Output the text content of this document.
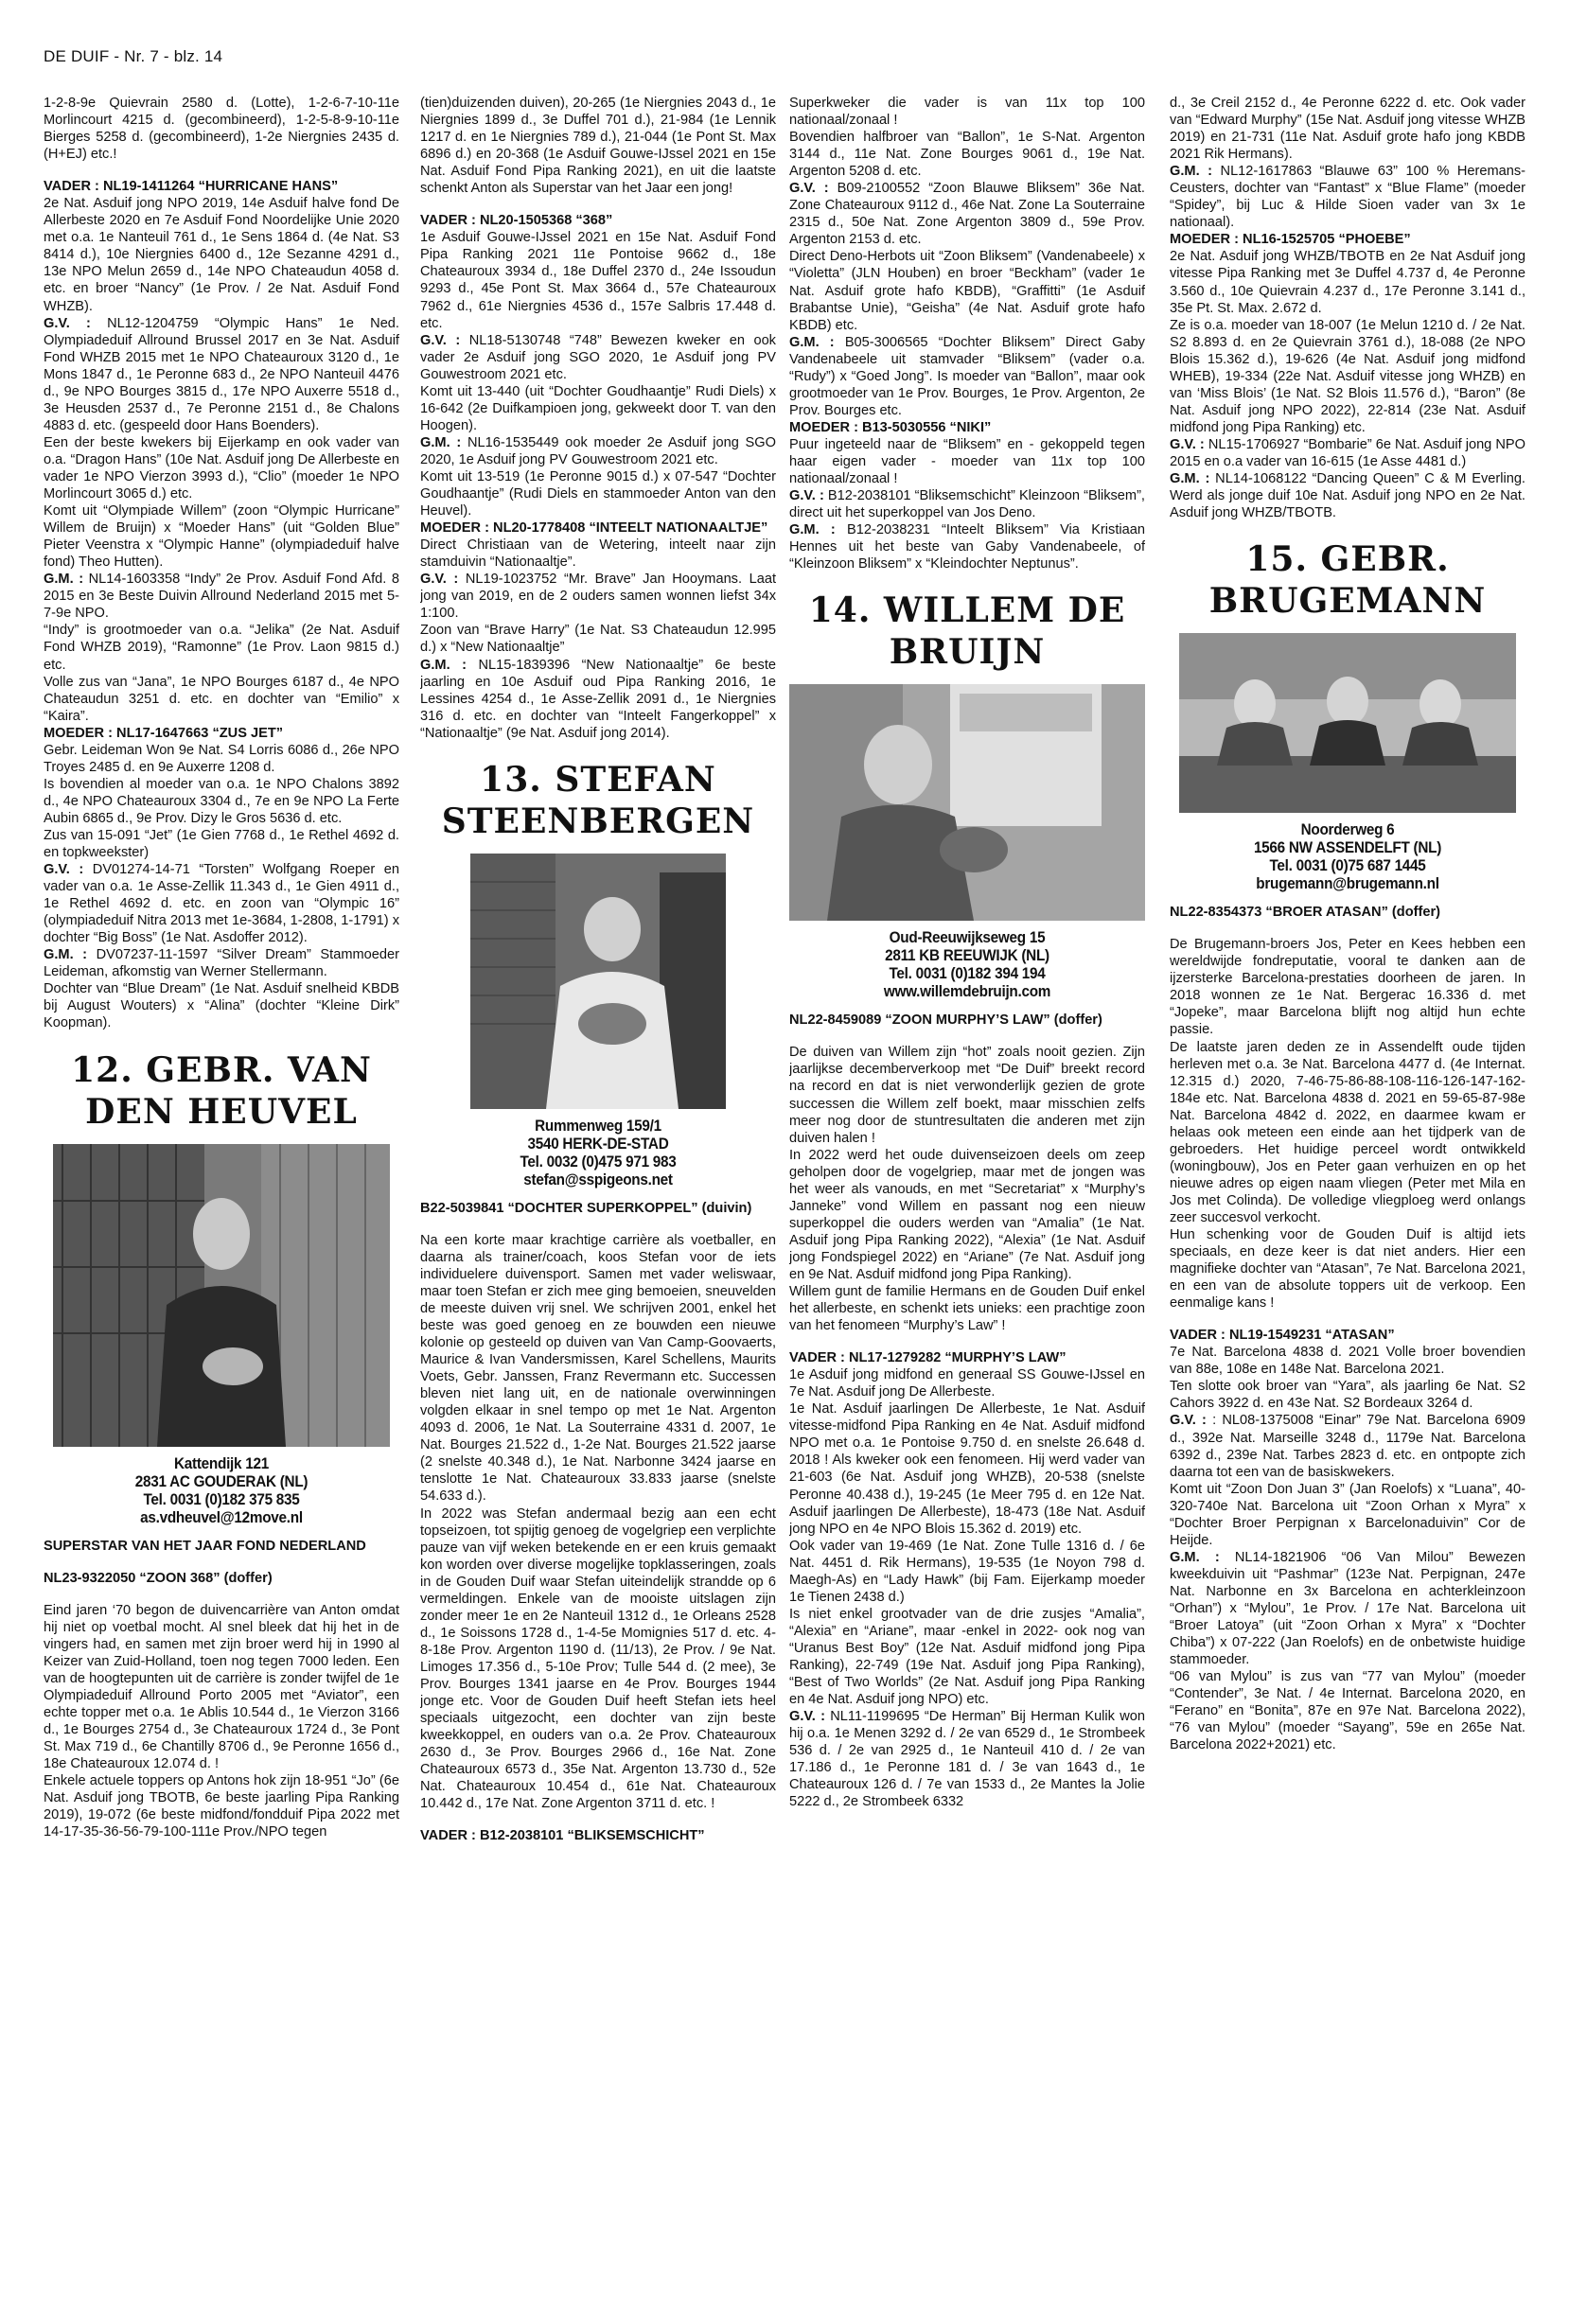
DE DUIF - Nr. 7 - blz. 14

1-2-8-9e Quievrain 2580 d. (Lotte), 1-2-6-7-10-11e Morlincourt 4215 d. (gecombineerd), 1-2-5-8-9-10-11e Bierges 5258 d. (gecombineerd), 1-2e Niergnies 2435 d. (H+EJ) etc.!

VADER : NL19-1411264 “HURRICANE HANS”

2e Nat. Asduif jong NPO 2019, 14e Asduif halve fond De Allerbeste 2020 en 7e Asduif Fond Noordelijke Unie 2020 met o.a. 1e Nanteuil 761 d., 1e Sens 1864 d. (4e Nat. S3 8414 d.), 10e Niergnies 6400 d., 12e Sezanne 4291 d., 13e NPO Melun 2659 d., 14e NPO Chateaudun 4058 d. etc. en broer “Nancy” (1e Prov. / 2e Nat. Asduif Fond WHZB).

G.V. : NL12-1204759 “Olympic Hans” 1e Ned. Olympiadeduif Allround Brussel 2017 en 3e Nat. Asduif Fond WHZB 2015 met 1e NPO Chateauroux 3120 d., 1e Mons 1847 d., 1e Peronne 683 d., 2e NPO Nanteuil 4476 d., 9e NPO Bourges 3815 d., 17e NPO Auxerre 5518 d., 3e Heusden 2537 d., 7e Peronne 2151 d., 8e Chalons 4883 d. etc. (gespeeld door Hans Boenders).

Een der beste kwekers bij Eijerkamp en ook vader van o.a. “Dragon Hans” (10e Nat. Asduif jong De Allerbeste en vader 1e NPO Vierzon 3993 d.), “Clio” (moeder 1e NPO Morlincourt 3065 d.) etc.

Komt uit “Olympiade Willem” (zoon “Olympic Hurricane” Willem de Bruijn) x “Moeder Hans” (uit “Golden Blue” Pieter Veenstra x “Olympic Hanne” (olympiadeduif halve fond) Theo Hutten).

G.M. : NL14-1603358 “Indy” 2e Prov. Asduif Fond Afd. 8 2015 en 3e Beste Duivin Allround Nederland 2015 met 5-7-9e NPO.

“Indy” is grootmoeder van o.a. “Jelika” (2e Nat. Asduif Fond WHZB 2019), “Ramonne” (1e Prov. Laon 9815 d.) etc.

Volle zus van “Jana”, 1e NPO Bourges 6187 d., 4e NPO Chateaudun 3251 d. etc. en dochter van “Emilio” x “Kaira”.

MOEDER : NL17-1647663 “ZUS JET”

Gebr. Leideman Won 9e Nat. S4 Lorris 6086 d., 26e NPO Troyes 2485 d. en 9e Auxerre 1208 d.

Is bovendien al moeder van o.a. 1e NPO Chalons 3892 d., 4e NPO Chateauroux 3304 d., 7e en 9e NPO La Ferte Aubin 6865 d., 9e Prov. Dizy le Gros 5636 d. etc.

Zus van 15-091 “Jet” (1e Gien 7768 d., 1e Rethel 4692 d. en topkweekster)

G.V. : DV01274-14-71 “Torsten” Wolfgang Roeper en vader van o.a. 1e Asse-Zellik 11.343 d., 1e Gien 4911 d., 1e Rethel 4692 d. etc. en zoon van “Olympic 16” (olympiadeduif Nitra 2013 met 1e-3684, 1-2808, 1-1791) x dochter “Big Boss” (1e Nat. Asdoffer 2012).

G.M. : DV07237-11-1597 “Silver Dream” Stammoeder Leideman, afkomstig van Werner Stellermann.

Dochter van “Blue Dream” (1e Nat. Asduif snelheid KBDB bij August Wouters) x “Alina” (dochter “Kleine Dirk” Koopman).

12. GEBR. VAN DEN HEUVEL
Kattendijk 121
2831 AC GOUDERAK (NL)
Tel. 0031 (0)182 375 835
as.vdheuvel@12move.nl

SUPERSTAR VAN HET JAAR FOND NEDERLAND

NL23-9322050 “ZOON 368” (doffer)

Eind jaren ‘70 begon de duivencarrière van Anton omdat hij niet op voetbal mocht. Al snel bleek dat hij het in de vingers had, en samen met zijn broer werd hij in 1990 al Keizer van Zuid-Holland, toen nog tegen 7000 leden. Een van de hoogtepunten uit de carrière is zonder twijfel de 1e Olympiadeduif Allround Porto 2005 met “Aviator”, een echte topper met o.a. 1e Ablis 10.544 d., 1e Vierzon 3166 d., 1e Bourges 2754 d., 3e Chateauroux 1724 d., 3e Pont St. Max 719 d., 6e Chantilly 8706 d., 9e Peronne 1656 d., 18e Chateauroux 12.074 d. !

Enkele actuele toppers op Antons hok zijn 18-951 “Jo” (6e Nat. Asduif jong TBOTB, 6e beste jaarling Pipa Ranking 2019), 19-072 (6e beste midfond/fondduif Pipa 2022 met 14-17-35-36-56-79-100-111e Prov./NPO tegen

(tien)duizenden duiven), 20-265 (1e Niergnies 2043 d., 1e Niergnies 1899 d., 3e Duffel 701 d.), 21-984 (1e Lennik 1217 d. en 1e Niergnies 789 d.), 21-044 (1e Pont St. Max 6896 d.) en 20-368 (1e Asduif Gouwe-IJssel 2021 en 15e Nat. Asduif Fond Pipa Ranking 2021), en uit die laatste schenkt Anton als Superstar van het Jaar een jong!

VADER : NL20-1505368 “368”

1e Asduif Gouwe-IJssel 2021 en 15e Nat. Asduif Fond Pipa Ranking 2021 11e Pontoise 9662 d., 18e Chateauroux 3934 d., 18e Duffel 2370 d., 24e Issoudun 9293 d., 45e Pont St. Max 3664 d., 57e Chateauroux 7962 d., 61e Niergnies 4536 d., 157e Salbris 17.448 d. etc.

G.V. : NL18-5130748 “748” Bewezen kweker en ook vader 2e Asduif jong SGO 2020, 1e Asduif jong PV Gouwestroom 2021 etc.

Komt uit 13-440 (uit “Dochter Goudhaantje” Rudi Diels) x 16-642 (2e Duifkampioen jong, gekweekt door T. van den Hoogen).

G.M. : NL16-1535449 ook moeder 2e Asduif jong SGO 2020, 1e Asduif jong PV Gouwestroom 2021 etc.

Komt uit 13-519 (1e Peronne 9015 d.) x 07-547 “Dochter Goudhaantje” (Rudi Diels en stammoeder Anton van den Heuvel).

MOEDER : NL20-1778408 “INTEELT NATIONAALTJE”

Direct Christiaan van de Wetering, inteelt naar zijn stamduivin “Nationaaltje”.

G.V. : NL19-1023752 “Mr. Brave” Jan Hooymans. Laat jong van 2019, en de 2 ouders samen wonnen liefst 34x 1:100.

Zoon van “Brave Harry” (1e Nat. S3 Chateaudun 12.995 d.) x “New Nationaaltje”

G.M. : NL15-1839396 “New Nationaaltje” 6e beste jaarling en 10e Asduif oud Pipa Ranking 2016, 1e Lessines 4254 d., 1e Asse-Zellik 2091 d., 1e Niergnies 316 d. etc. en dochter van “Inteelt Fangerkoppel” x “Nationaaltje” (9e Nat. Asduif jong 2014).

13. STEFAN STEENBERGEN
Rummenweg 159/1
3540 HERK-DE-STAD
Tel. 0032 (0)475 971 983
stefan@sspigeons.net

B22-5039841 “DOCHTER SUPERKOPPEL” (duivin)

Na een korte maar krachtige carrière als voetballer, en daarna als trainer/coach, koos Stefan voor de iets individuelere duivensport. Samen met vader weliswaar, maar toen Stefan er zich mee ging bemoeien, sneuvelden de meeste duiven vrij snel. We schrijven 2001, enkel het beste was goed genoeg en ze bouwden een nieuwe kolonie op gesteeld op duiven van Van Camp-Goovaerts, Maurice & Ivan Vandersmissen, Karel Schellens, Maurits Voets, Gebr. Janssen, Franz Revermann etc. Successen bleven niet lang uit, en de nationale overwinningen volgden elkaar in snel tempo op met 1e Nat. Argenton 4093 d. 2006, 1e Nat. La Souterraine 4331 d. 2007, 1e Nat. Bourges 21.522 d., 1-2e Nat. Bourges 21.522 jaarse (2 snelste 40.348 d.), 1e Nat. Narbonne 3424 jaarse en tenslotte 1e Nat. Chateauroux 33.833 jaarse (snelste 54.633 d.).

In 2022 was Stefan andermaal bezig aan een echt topseizoen, tot spijtig genoeg de vogelgriep een verplichte pauze van vijf weken betekende en er een kruis gemaakt kon worden over diverse mogelijke topklasseringen, zoals in de Gouden Duif waar Stefan uiteindelijk strandde op 6 vermeldingen. Enkele van de mooiste uitslagen zijn zonder meer 1e en 2e Nanteuil 1312 d., 1e Orleans 2528 d., 1e Soissons 1728 d., 1-4-5e Momignies 517 d. etc. 4-8-18e Prov. Argenton 1190 d. (11/13), 2e Prov. / 9e Nat. Limoges 17.356 d., 5-10e Prov; Tulle 544 d. (2 mee), 3e Prov. Bourges 1341 jaarse en 4e Prov. Bourges 1944 jonge etc. Voor de Gouden Duif heeft Stefan iets heel speciaals uitgezocht, een dochter van zijn beste kweekkoppel, en ouders van o.a. 2e Prov. Chateauroux 2630 d., 3e Prov. Bourges 2966 d., 16e Nat. Zone Chateauroux 6573 d., 35e Nat. Argenton 13.730 d., 52e Nat. Chateauroux 10.454 d., 61e Nat. Chateauroux 10.442 d., 17e Nat. Zone Argenton 3711 d. etc. !

VADER : B12-2038101 “BLIKSEMSCHICHT”

Superkweker die vader is van 11x top 100 nationaal/zonaal !

Bovendien halfbroer van “Ballon”, 1e S-Nat. Argenton 3144 d., 11e Nat. Zone Bourges 9061 d., 19e Nat. Argenton 5208 d. etc.

G.V. : B09-2100552 “Zoon Blauwe Bliksem” 36e Nat. Zone Chateauroux 9112 d., 46e Nat. Zone La Souterraine 2315 d., 50e Nat. Zone Argenton 3809 d., 59e Prov. Argenton 2153 d. etc.

Direct Deno-Herbots uit “Zoon Bliksem” (Vandenabeele) x “Violetta” (JLN Houben) en broer “Beckham” (vader 1e Nat. Asduif grote hafo KBDB), “Graffitti” (1e Asduif Brabantse Unie), “Geisha” (4e Nat. Asduif grote hafo KBDB) etc.

G.M. : B05-3006565 “Dochter Bliksem” Direct Gaby Vandenabeele uit stamvader “Bliksem” (vader o.a. “Rudy”) x “Goed Jong”. Is moeder van “Ballon”, maar ook grootmoeder van 1e Prov. Bourges, 1e Prov. Argenton, 2e Prov. Bourges etc.

MOEDER : B13-5030556 “NIKI”

Puur ingeteeld naar de “Bliksem” en - gekoppeld tegen haar eigen vader - moeder van 11x top 100 nationaal/zonaal !

G.V. : B12-2038101 “Bliksemschicht” Kleinzoon “Bliksem”, direct uit het superkoppel van Jos Deno.

G.M. : B12-2038231 “Inteelt Bliksem” Via Kristiaan Hennes uit het beste van Gaby Vandenabeele, of “Kleinzoon Bliksem” x “Kleindochter Neptunus”.

14. WILLEM DE BRUIJN
Oud-Reeuwijkseweg 15
2811 KB REEUWIJK (NL)
Tel. 0031 (0)182 394 194
www.willemdebruijn.com

NL22-8459089 “ZOON MURPHY’S LAW” (doffer)

De duiven van Willem zijn “hot” zoals nooit gezien. Zijn jaarlijkse decemberverkoop met “De Duif” breekt record na record en dat is niet verwonderlijk gezien de grote successen die Willem zelf boekt, maar misschien zelfs meer nog door de stuntresultaten die anderen met zijn duiven halen !

In 2022 werd het oude duivenseizoen deels om zeep geholpen door de vogelgriep, maar met de jongen was het weer als vanouds, en met “Secretariat” x “Murphy’s Janneke” vond Willem en passant nog een nieuw superkoppel die ouders werden van “Amalia” (1e Nat. Asduif jong Pipa Ranking 2022), “Alexia” (1e Nat. Asduif jong Fondspiegel 2022) en “Ariane” (7e Nat. Asduif jong en 9e Nat. Asduif midfond jong Pipa Ranking).

Willem gunt de familie Hermans en de Gouden Duif enkel het allerbeste, en schenkt iets unieks: een prachtige zoon van het fenomeen “Murphy’s Law” !

VADER : NL17-1279282 “MURPHY’S LAW”

1e Asduif jong midfond en generaal SS Gouwe-IJssel en 7e Nat. Asduif jong De Allerbeste.

1e Nat. Asduif jaarlingen De Allerbeste, 1e Nat. Asduif vitesse-midfond Pipa Ranking en 4e Nat. Asduif midfond NPO met o.a. 1e Pontoise 9.750 d. en snelste 26.648 d. 2018 ! Als kweker ook een fenomeen. Hij werd vader van 21-603 (6e Nat. Asduif jong WHZB), 20-538 (snelste Peronne 40.438 d.), 19-245 (1e Meer 795 d. en 12e Nat. Asduif jaarlingen De Allerbeste), 18-473 (18e Nat. Asduif jong NPO en 4e NPO Blois 15.362 d. 2019) etc.

Ook vader van 19-469 (1e Nat. Zone Tulle 1316 d. / 6e Nat. 4451 d. Rik Hermans), 19-535 (1e Noyon 798 d. Maegh-As) en “Lady Hawk” (bij Fam. Eijerkamp moeder 1e Tienen 2438 d.)

Is niet enkel grootvader van de drie zusjes “Amalia”, “Alexia” en “Ariane”, maar -enkel in 2022- ook nog van “Uranus Best Boy” (12e Nat. Asduif midfond jong Pipa Ranking), 22-749 (19e Nat. Asduif jong Pipa Ranking), “Best of Two Worlds” (2e Nat. Asduif jong Pipa Ranking en 4e Nat. Asduif jong NPO) etc.

G.V. : NL11-1199695 “De Herman” Bij Herman Kulik won hij o.a. 1e Menen 3292 d. / 2e van 6529 d., 1e Strombeek 536 d. / 2e van 2925 d., 1e Nanteuil 410 d. / 2e van 17.186 d., 1e Peronne 181 d. / 3e van 1643 d., 1e Chateauroux 126 d. / 7e van 1533 d., 2e Mantes la Jolie 5222 d., 2e Strombeek 6332

d., 3e Creil 2152 d., 4e Peronne 6222 d. etc. Ook vader van “Edward Murphy” (15e Nat. Asduif jong vitesse WHZB 2019) en 21-731 (11e Nat. Asduif grote hafo jong KBDB 2021 Rik Hermans).

G.M. : NL12-1617863 “Blauwe 63” 100 % Heremans-Ceusters, dochter van “Fantast” x “Blue Flame” (moeder “Spidey”, bij Luc & Hilde Sioen vader van 3x 1e nationaal).

MOEDER : NL16-1525705 “PHOEBE”

2e Nat. Asduif jong WHZB/TBOTB en 2e Nat Asduif jong vitesse Pipa Ranking met 3e Duffel 4.737 d, 4e Peronne 3.560 d., 10e Quievrain 4.237 d., 17e Peronne 3.141 d., 35e Pt. St. Max. 2.672 d.

Ze is o.a. moeder van 18-007 (1e Melun 1210 d. / 2e Nat. S2 8.893 d. en 2e Quievrain 3761 d.), 18-088 (2e NPO Blois 15.362 d.), 19-626 (4e Nat. Asduif jong midfond WHEB), 19-334 (22e Nat. Asduif vitesse jong WHZB) en van ‘Miss Blois’ (1e Nat. S2 Blois 11.576 d.), “Baron” (8e Nat. Asduif jong NPO 2022), 22-814 (23e Nat. Asduif midfond jong Pipa Ranking) etc.

G.V. : NL15-1706927 “Bombarie” 6e Nat. Asduif jong NPO 2015 en o.a vader van 16-615 (1e Asse 4481 d.)

G.M. : NL14-1068122 “Dancing Queen” C & M Everling. Werd als jonge duif 10e Nat. Asduif jong NPO en 2e Nat. Asduif jong WHZB/TBOTB.

15. GEBR. BRUGEMANN
Noorderweg 6
1566 NW ASSENDELFT (NL)
Tel. 0031 (0)75 687 1445
brugemann@brugemann.nl

NL22-8354373 “BROER ATASAN” (doffer)

De Brugemann-broers Jos, Peter en Kees hebben een wereldwijde fondreputatie, vooral te danken aan de ijzersterke Barcelona-prestaties doorheen de jaren. In 2018 wonnen ze 1e Nat. Bergerac 16.336 d. met “Jopeke”, maar Barcelona blijft nog altijd hun echte passie.

De laatste jaren deden ze in Assendelft oude tijden herleven met o.a. 3e Nat. Barcelona 4477 d. (4e Internat. 12.315 d.) 2020, 7-46-75-86-88-108-116-126-147-162-184e etc. Nat. Barcelona 4838 d. 2021 en 59-65-87-98e Nat. Barcelona 4842 d. 2022, en daarmee kwam er helaas ook meteen een einde aan het tijdperk van de gebroeders. Het huidige perceel wordt ontwikkeld (woningbouw), Jos en Peter gaan verhuizen en op het nieuwe adres op eigen naam vliegen (Peter met Mila en Jos met Colinda). De volledige vliegploeg werd onlangs zeer succesvol verkocht.

Hun schenking voor de Gouden Duif is altijd iets speciaals, en deze keer is dat niet anders. Hier een magnifieke dochter van “Atasan”, 7e Nat. Barcelona 2021, en een van de absolute toppers uit de verkoop. Een eenmalige kans !

VADER : NL19-1549231 “ATASAN”

7e Nat. Barcelona 4838 d. 2021 Volle broer bovendien van 88e, 108e en 148e Nat. Barcelona 2021.

Ten slotte ook broer van “Yara”, als jaarling 6e Nat. S2 Cahors 3922 d. en 43e Nat. S2 Bordeaux 3264 d.

G.V. : : NL08-1375008 “Einar” 79e Nat. Barcelona 6909 d., 392e Nat. Marseille 3248 d., 1179e Nat. Barcelona 6392 d., 239e Nat. Tarbes 2823 d. etc. en ontpopte zich daarna tot een van de basiskwekers.

Komt uit “Zoon Don Juan 3” (Jan Roelofs) x “Luana”, 40-320-740e Nat. Barcelona uit “Zoon Orhan x Myra” x “Dochter Broer Perpignan x Barcelonaduivin” Cor de Heijde.

G.M. : NL14-1821906 “06 Van Milou” Bewezen kweekduivin uit “Pashmar” (123e Nat. Perpignan, 247e Nat. Narbonne en 3x Barcelona en achterkleinzoon “Orhan”) x “Mylou”, 1e Prov. / 17e Nat. Barcelona uit “Broer Latoya” (uit “Zoon Orhan x Myra” x “Dochter Chiba”) x 07-222 (Jan Roelofs) en de onbetwiste huidige stammoeder.

“06 van Mylou” is zus van “77 van Mylou” (moeder “Contender”, 3e Nat. / 4e Internat. Barcelona 2020, en “Ferano” en “Bonita”, 87e en 97e Nat. Barcelona 2022), “76 van Mylou” (moeder “Sayang”, 59e en 265e Nat. Barcelona 2022+2021) etc.
